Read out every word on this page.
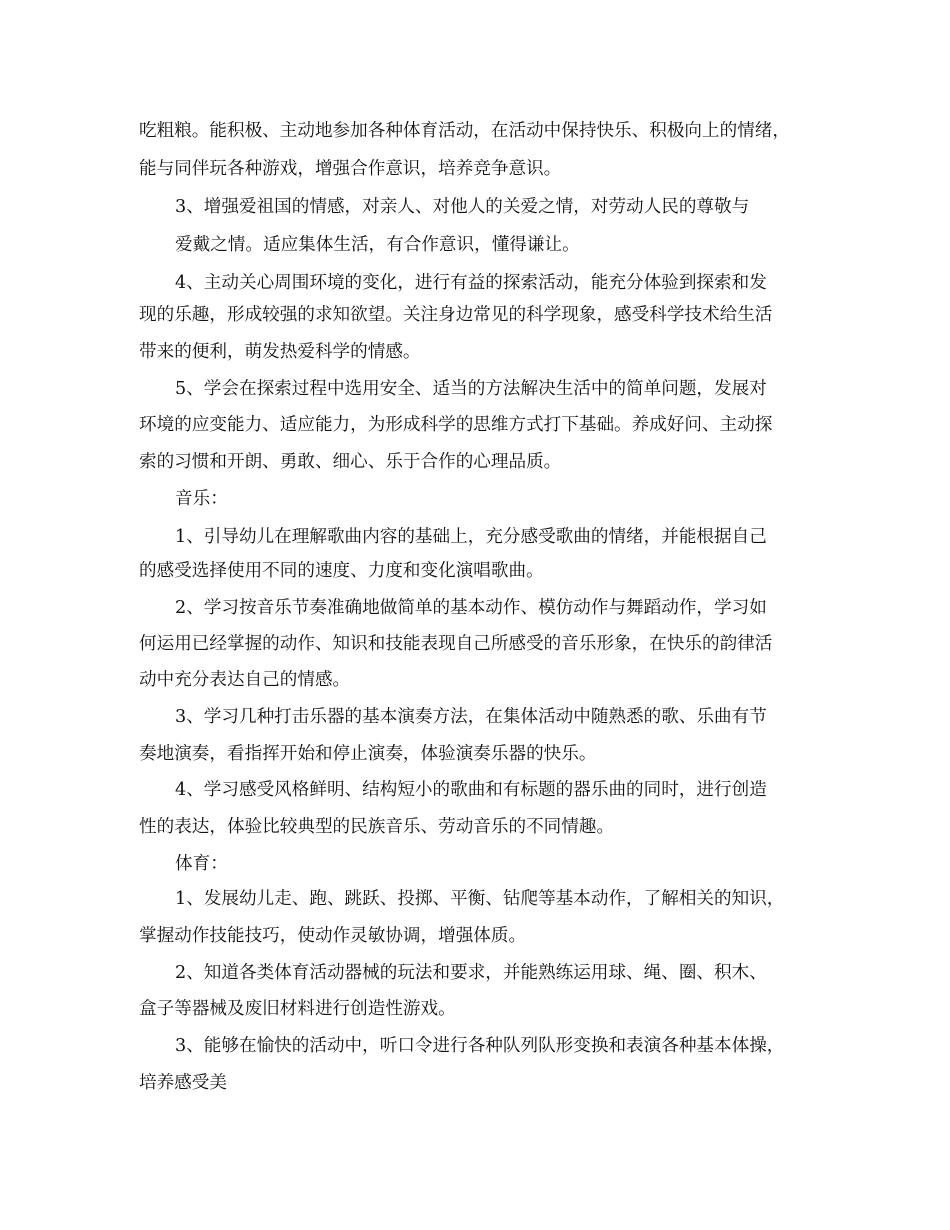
吃粗粮。能积极、主动地参加各种体育活动，在活动中保持快乐、积极向上的情绪，
能与同伴玩各种游戏，增强合作意识，培养竞争意识。
3、增强爱祖国的情感，对亲人、对他人的关爱之情，对劳动人民的尊敬与
爱戴之情。适应集体生活，有合作意识，懂得谦让。
4、主动关心周围环境的变化，进行有益的探索活动，能充分体验到探索和发
现的乐趣，形成较强的求知欲望。关注身边常见的科学现象，感受科学技术给生活
带来的便利，萌发热爱科学的情感。
5、学会在探索过程中选用安全、适当的方法解决生活中的简单问题，发展对
环境的应变能力、适应能力，为形成科学的思维方式打下基础。养成好问、主动探
索的习惯和开朗、勇敢、细心、乐于合作的心理品质。
音乐：
1、引导幼儿在理解歌曲内容的基础上，充分感受歌曲的情绪，并能根据自己
的感受选择使用不同的速度、力度和变化演唱歌曲。
2、学习按音乐节奏准确地做简单的基本动作、模仿动作与舞蹈动作，学习如
何运用已经掌握的动作、知识和技能表现自己所感受的音乐形象，在快乐的韵律活
动中充分表达自己的情感。
3、学习几种打击乐器的基本演奏方法，在集体活动中随熟悉的歌、乐曲有节
奏地演奏，看指挥开始和停止演奏，体验演奏乐器的快乐。
4、学习感受风格鲜明、结构短小的歌曲和有标题的器乐曲的同时，进行创造
性的表达，体验比较典型的民族音乐、劳动音乐的不同情趣。
体育：
1、发展幼儿走、跑、跳跃、投掷、平衡、钻爬等基本动作，了解相关的知识，
掌握动作技能技巧，使动作灵敏协调，增强体质。
2、知道各类体育活动器械的玩法和要求，并能熟练运用球、绳、圈、积木、
盒子等器械及废旧材料进行创造性游戏。
3、能够在愉快的活动中，听口令进行各种队列队形变换和表演各种基本体操，
培养感受美
